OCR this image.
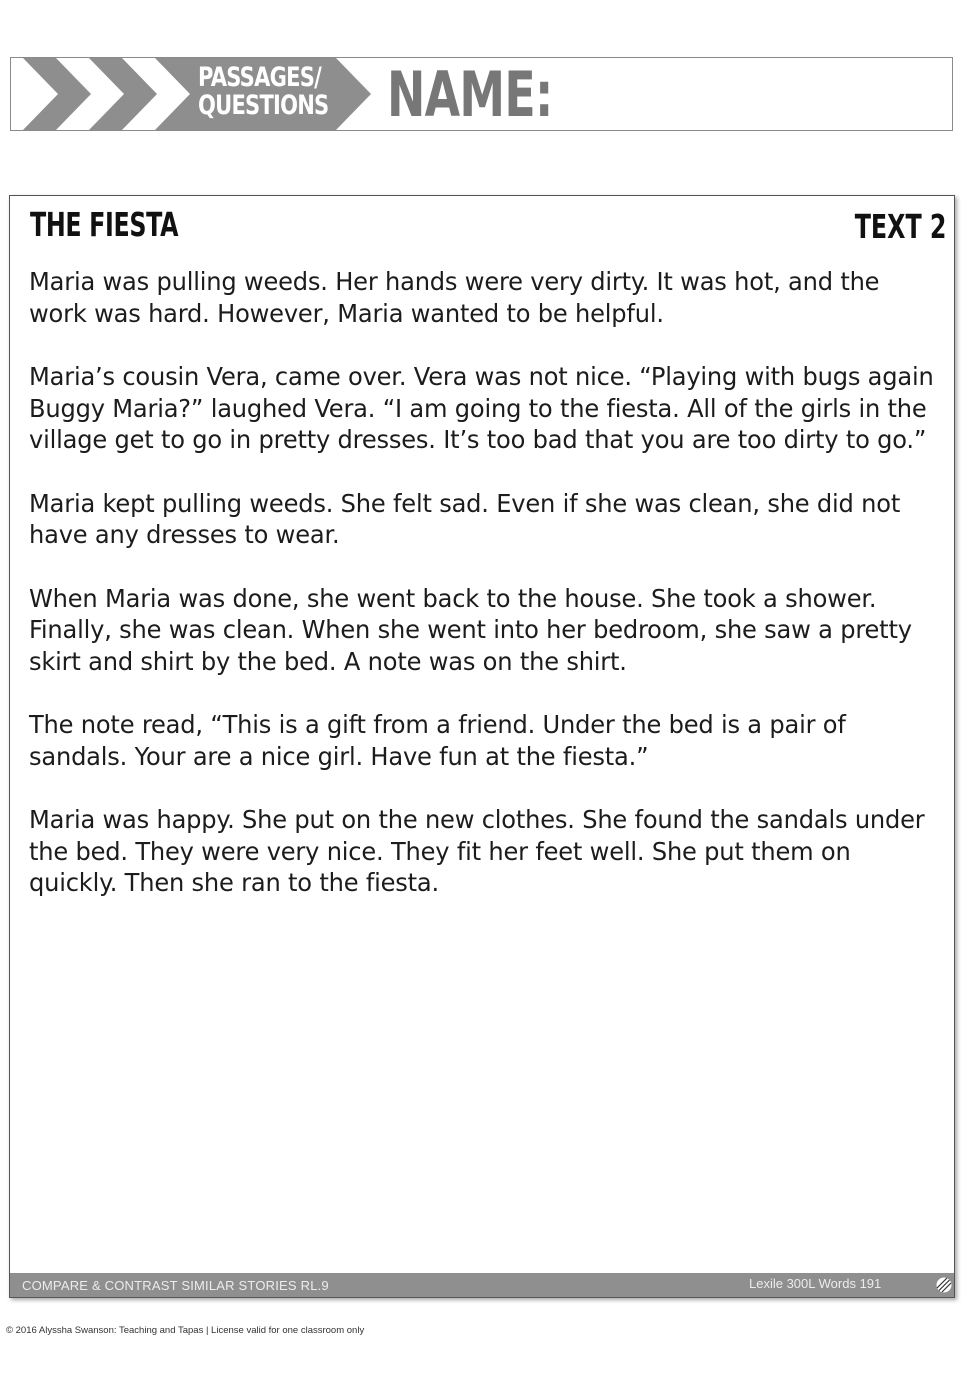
PASSAGES/
QUESTIONS NAME:
THE FIESTA	TEXT 2

Maria was pulling weeds. Her hands were very dirty. It was hot, and the work was hard. However, Maria wanted to be helpful.

Maria’s cousin Vera, came over. Vera was not nice. “Playing with bugs again Buggy Maria?” laughed Vera. “I am going to the fiesta. All of the girls in the village get to go in pretty dresses. It’s too bad that you are too dirty to go.”

Maria kept pulling weeds. She felt sad. Even if she was clean, she did not have any dresses to wear.

When Maria was done, she went back to the house. She took a shower. Finally, she was clean. When she went into her bedroom, she saw a pretty skirt and shirt by the bed. A note was on the shirt.

The note read, “This is a gift from a friend. Under the bed is a pair of sandals. Your are a nice girl. Have fun at the fiesta.”

Maria was happy. She put on the new clothes. She found the sandals under the bed. They were very nice. They fit her feet well. She put them on quickly. Then she ran to the fiesta.

COMPARE & CONTRAST SIMILAR STORIES RL.9	Lexile 300L Words 191
© 2016 Alyssha Swanson: Teaching and Tapas | License valid for one classroom only
